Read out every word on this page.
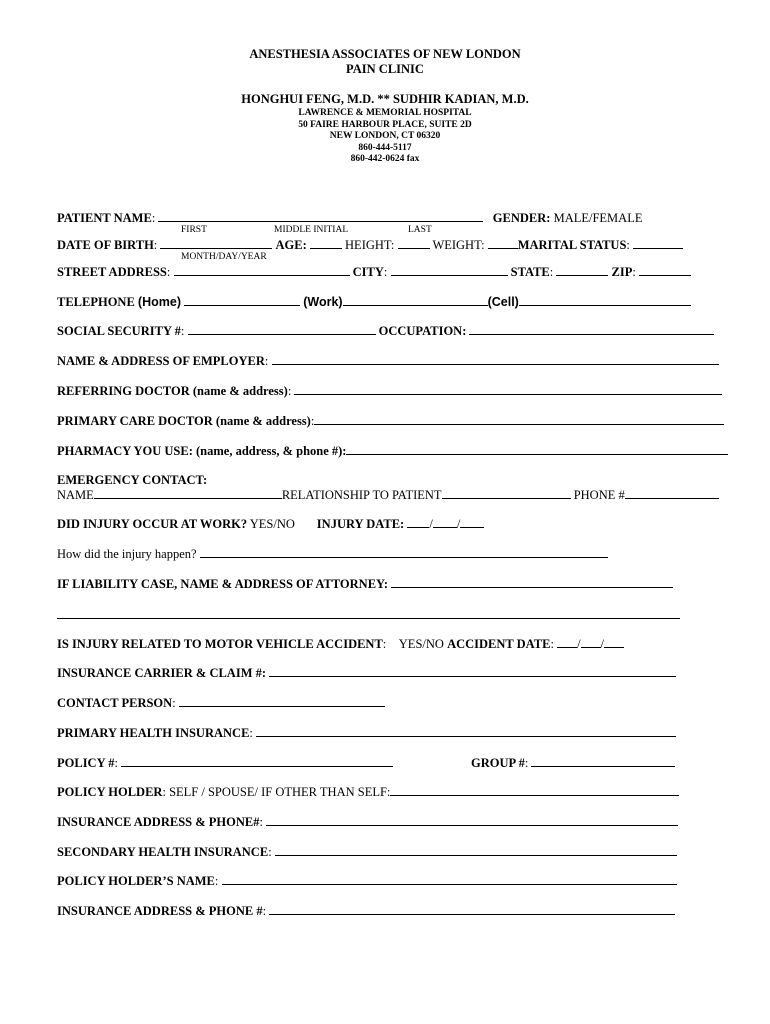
ANESTHESIA ASSOCIATES OF NEW LONDON
PAIN CLINIC
HONGHUI FENG, M.D. ** SUDHIR KADIAN, M.D.
LAWRENCE & MEMORIAL HOSPITAL
50 FAIRE HARBOUR PLACE, SUITE 2D
NEW LONDON, CT 06320
860-444-5117
860-442-0624 fax
PATIENT NAME:	GENDER: MALE/FEMALE
FIRST	MIDDLE INITIAL	LAST
DATE OF BIRTH:	AGE:	HEIGHT:	WEIGHT:	MARITAL STATUS:
MONTH/DAY/YEAR
STREET ADDRESS:	CITY:	STATE:	ZIP:
TELEPHONE (Home)	(Work)	(Cell)
SOCIAL SECURITY #:	OCCUPATION:
NAME & ADDRESS OF EMPLOYER:
REFERRING DOCTOR (name & address):
PRIMARY CARE DOCTOR (name & address):
PHARMACY YOU USE: (name, address, & phone #):
EMERGENCY CONTACT:
NAME	RELATIONSHIP TO PATIENT	PHONE #
DID INJURY OCCUR AT WORK? YES/NO INJURY DATE: / /
How did the injury happen?
IF LIABILITY CASE, NAME & ADDRESS OF ATTORNEY:
IS INJURY RELATED TO MOTOR VEHICLE ACCIDENT:    YES/NO ACCIDENT DATE: / /
INSURANCE CARRIER & CLAIM #:
CONTACT PERSON:
PRIMARY HEALTH INSURANCE:
POLICY #:	GROUP #:
POLICY HOLDER: SELF / SPOUSE/ IF OTHER THAN SELF:
INSURANCE ADDRESS & PHONE#:
SECONDARY HEALTH INSURANCE:
POLICY HOLDER’S NAME:
INSURANCE ADDRESS & PHONE #:
